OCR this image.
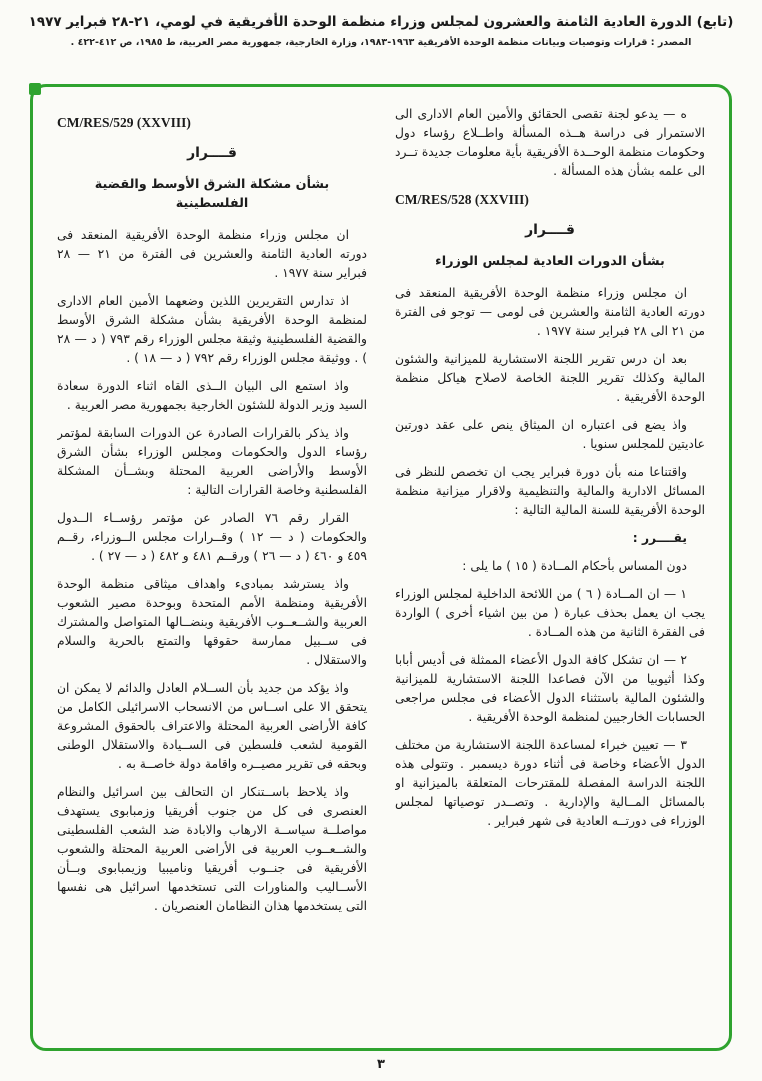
(تابع) الدورة العادية الثامنة والعشرون لمجلس وزراء منظمة الوحدة الأفريقية في لومي، ٢١-٢٨ فبراير ١٩٧٧
المصدر : قرارات وتوصيات وبيانات منظمة الوحدة الأفريقية ١٩٦٣-١٩٨٣، وزارة الخارجية، جمهورية مصر العربية، ط ١٩٨٥، ص ٤١٢-٤٢٢ .

ه — يدعو لجنة تقصى الحقائق والأمين العام الادارى الى الاستمرار فى دراسة هــذه المسألة واطــلاع رؤساء دول وحكومات منظمة الوحــدة الأفريقية بأية معلومات جديدة تــرد الى علمه بشأن هذه المسألة .

CM/RES/528 (XXVIII)
قــــرار
بشأن الدورات العادية لمجلس الوزراء

ان مجلس وزراء منظمة الوحدة الأفريقية المنعقد فى دورته العادية الثامنة والعشرين فى لومى — توجو فى الفترة من ٢١ الى ٢٨ فبراير سنة ١٩٧٧ .

بعد ان درس تقرير اللجنة الاستشارية للميزانية والشئون المالية وكذلك تقرير اللجنة الخاصة لاصلاح هياكل منظمة الوحدة الأفريقية .

واذ يضع فى اعتباره ان الميثاق ينص على عقد دورتين عاديتين للمجلس سنويا .

واقتناعا منه بأن دورة فبراير يجب ان تخصص للنظر فى المسائل الادارية والمالية والتنظيمية ولاقرار ميزانية منظمة الوحدة الأفريقية للسنة المالية التالية :

يقــــرر :

دون المساس بأحكام المــادة ( ١٥ ) ما يلى :

١ — ان المــادة ( ٦ ) من اللائحة الداخلية لمجلس الوزراء يجب ان يعمل بحذف عبارة ( من بين اشياء أخرى ) الواردة فى الفقرة الثانية من هذه المــادة .

٢ — ان تشكل كافة الدول الأعضاء الممثلة فى أديس أبابا وكذا أثيوبيا من الآن فصاعدا اللجنة الاستشارية للميزانية والشئون المالية باستثناء الدول الأعضاء فى مجلس مراجعى الحسابات الخارجيين لمنظمة الوحدة الأفريقية .

٣ — تعيين خبراء لمساعدة اللجنة الاستشارية من مختلف الدول الأعضاء وخاصة فى أثناء دورة ديسمبر . وتتولى هذه اللجنة الدراسة المفصلة للمقترحات المتعلقة بالميزانية او بالمسائل المــالية والإدارية . وتصــدر توصياتها لمجلس الوزراء فى دورتــه العادية فى شهر فبراير .

CM/RES/529 (XXVIII)
قــــرار
بشأن مشكلة الشرق الأوسط والقضية الفلسطينية

ان مجلس وزراء منظمة الوحدة الأفريقية المنعقد فى دورته العادية الثامنة والعشرين فى الفترة من ٢١ — ٢٨ فبراير سنة ١٩٧٧ .

اذ تدارس التقريرين اللذين وضعهما الأمين العام الادارى لمنظمة الوحدة الأفريقية بشأن مشكلة الشرق الأوسط والقضية الفلسطينية وثيقة مجلس الوزراء رقم ٧٩٣ ( د — ٢٨ ) . ووثيقة مجلس الوزراء رقم ٧٩٢ ( د — ١٨ ) .

واذ استمع الى البيان الــذى القاه اثناء الدورة سعادة السيد وزير الدولة للشئون الخارجية بجمهورية مصر العربية .

واذ يذكر بالقرارات الصادرة عن الدورات السابقة لمؤتمر رؤساء الدول والحكومات ومجلس الوزراء بشأن الشرق الأوسط والأراضى العربية المحتلة وبشــأن المشكلة الفلسطنية وخاصة القرارات التالية :

القرار رقم ٧٦ الصادر عن مؤتمر رؤســاء الــدول والحكومات ( د — ١٢ ) وقــرارات مجلس الــوزراء، رقــم ٤٥٩ و ٤٦٠ ( د — ٢٦ ) ورقــم ٤٨١ و ٤٨٢ ( د — ٢٧ ) .

واذ يسترشد بمبادىء واهداف ميثاقى منظمة الوحدة الأفريقية ومنظمة الأمم المتحدة وبوحدة مصير الشعوب العربية والشــعــوب الأفريقية وبنضــالها المتواصل والمشترك فى ســبيل ممارسة حقوقها والتمتع بالحرية والسلام والاستقلال .

واذ يؤكد من جديد بأن الســلام العادل والدائم لا يمكن ان يتحقق الا على اســاس من الانسحاب الاسرائيلى الكامل من كافة الأراضى العربية المحتلة والاعتراف بالحقوق المشروعة القومية لشعب فلسطين فى الســيادة والاستقلال الوطنى وبحقه فى تقرير مصيــره واقامة دولة خاصــة به .

واذ يلاحظ باســتنكار ان التحالف بين اسرائيل والنظام العنصرى فى كل من جنوب أفريقيا وزمبابوى يستهدف مواصلــة سياســة الارهاب والابادة ضد الشعب الفلسطينى والشــعــوب العربية فى الأراضى العربية المحتلة والشعوب الأفريقية فى جنــوب أفريقيا وناميبيا وزيمبابوى وبــأن الأســاليب والمناورات التى تستخدمها اسرائيل هى نفسها التى يستخدمها هذان النظامان العنصريان .

٣
